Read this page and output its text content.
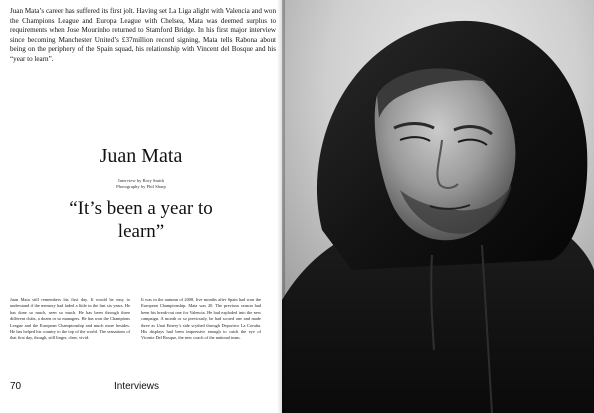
Juan Mata’s career has suffered its first jolt. Having set La Liga alight with Valencia and won the Champions League and Europa League with Chelsea, Mata was deemed surplus to requirements when Jose Mourinho returned to Stamford Bridge. In his first major interview since becoming Manchester United’s £37million record signing, Mata tells Rabona about being on the periphery of the Spain squad, his relationship with Vincent del Bosque and his “year to learn”.

Juan Mata
Interview by Rory Smith
Photography by Phil Sharp
“It’s been a year to learn”

Juan Mata still remembers his first day. It would be easy to understand if the memory had faded a little in the last six years. He has done so much, seen so much. He has been through three different clubs, a dozen or so managers. He has won the Champions League and the European Championship and much more besides. He has helped his country to the top of the world. The sensations of that first day, though, still linger, clear, vivid.

It was in the autumn of 2008, five months after Spain had won the European Championship. Mata was 20. The previous season had been his break-out one for Valencia. He had exploded into the new campaign. A month or so previously, he had scored one and made three as Unai Emery’s side scythed through Deportivo La Coruña. His displays had been impressive enough to catch the eye of Vicente Del Bosque, the new coach of the national team.

70	Interviews
